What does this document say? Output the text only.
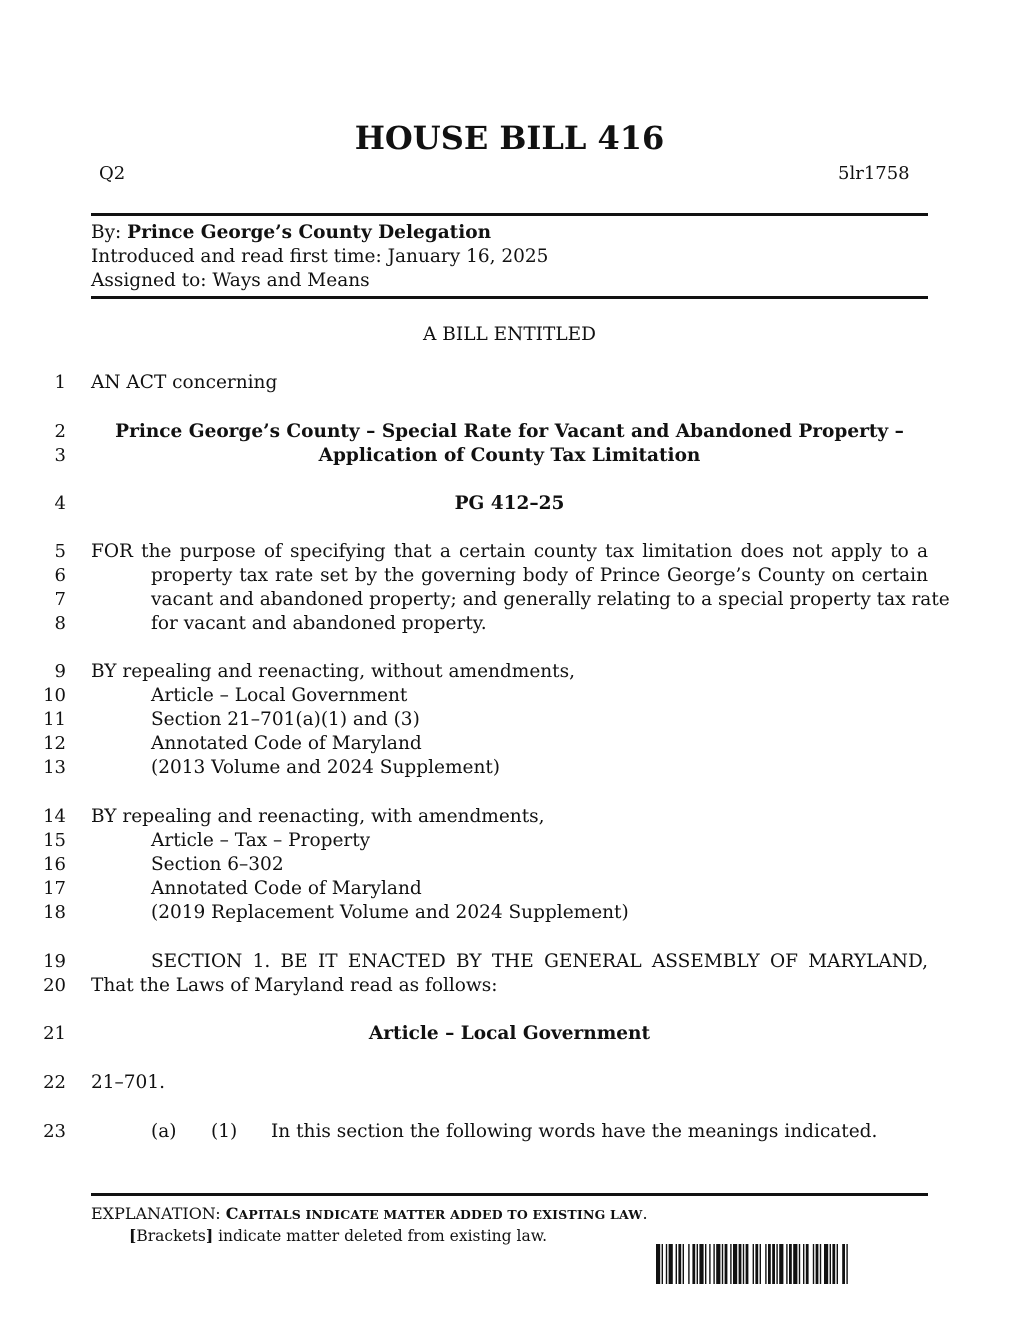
HOUSE BILL 416
Q2	5lr1758
By: Prince George’s County Delegation
Introduced and read first time: January 16, 2025
Assigned to: Ways and Means
A BILL ENTITLED
1 AN ACT concerning
2	Prince George’s County – Special Rate for Vacant and Abandoned Property –
3	Application of County Tax Limitation
4	PG 412–25
5 FOR the purpose of specifying that a certain county tax limitation does not apply to a
6	property tax rate set by the governing body of Prince George’s County on certain
7	vacant and abandoned property; and generally relating to a special property tax rate
8	for vacant and abandoned property.
9 BY repealing and reenacting, without amendments,
10	Article – Local Government
11	Section 21–701(a)(1) and (3)
12	Annotated Code of Maryland
13	(2013 Volume and 2024 Supplement)
14 BY repealing and reenacting, with amendments,
15	Article – Tax – Property
16	Section 6–302
17	Annotated Code of Maryland
18	(2019 Replacement Volume and 2024 Supplement)
19	SECTION 1. BE IT ENACTED BY THE GENERAL ASSEMBLY OF MARYLAND,
20 That the Laws of Maryland read as follows:
21	Article – Local Government
22 21–701.
23	(a) (1) In this section the following words have the meanings indicated.
EXPLANATION: CAPITALS INDICATE MATTER ADDED TO EXISTING LAW.
[Brackets] indicate matter deleted from existing law.
